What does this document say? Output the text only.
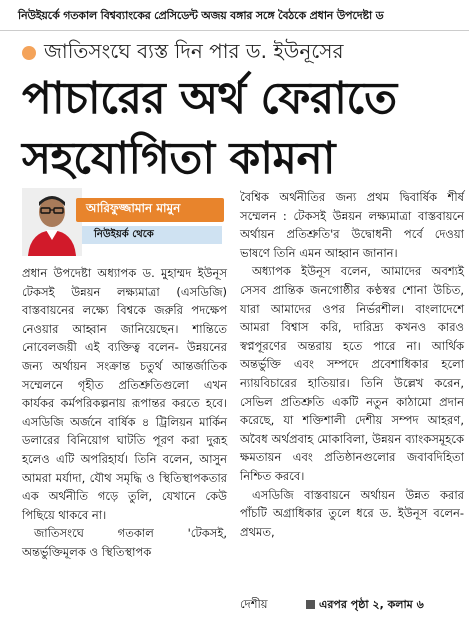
নিউইয়র্কে গতকাল বিশ্বব্যাংকের প্রেসিডেন্ট অজয় বঙ্গার সঙ্গে বৈঠকে প্রধান উপদেষ্টা ড
জাতিসংঘে ব্যস্ত দিন পার ড. ইউনূসের
পাচারের অর্থ ফেরাতে
সহযোগিতা কামনা
আরিফুজ্জামান মামুন
নিউইয়র্ক থেকে

প্রধান উপদেষ্টা অধ্যাপক ড. মুহাম্মদ ইউনূস টেকসই উন্নয়ন লক্ষ্যমাত্রা (এসডিজি) বাস্তবায়নের লক্ষ্যে বিশ্বকে জরুরি পদক্ষেপ নেওয়ার আহ্বান জানিয়েছেন। শান্তিতে নোবেলজয়ী এই ব্যক্তিত্ব বলেন- উন্নয়নের জন্য অর্থায়ন সংক্রান্ত চতুর্থ আন্তর্জাতিক সম্মেলনে গৃহীত প্রতিশ্রুতিগুলো এখন কার্যকর কর্মপরিকল্পনায় রূপান্তর করতে হবে। এসডিজি অর্জনে বার্ষিক ৪ ট্রিলিয়ন মার্কিন ডলারের বিনিয়োগ ঘাটতি পূরণ করা দুরূহ হলেও এটি অপরিহার্য। তিনি বলেন, আসুন আমরা মর্যাদা, যৌথ সমৃদ্ধি ও স্থিতিস্থাপকতার এক অর্থনীতি গড়ে তুলি, যেখানে কেউ পিছিয়ে থাকবে না।

জাতিসংঘে গতকাল 'টেকসই, অন্তর্ভুক্তিমূলক ও স্থিতিস্থাপক

বৈশ্বিক অর্থনীতির জন্য প্রথম দ্বিবার্ষিক শীর্ষ সম্মেলন : টেকসই উন্নয়ন লক্ষ্যমাত্রা বাস্তবায়নে অর্থায়ন প্রতিশ্রুতি'র উদ্বোধনী পর্বে দেওয়া ভাষণে তিনি এমন আহ্বান জানান।

অধ্যাপক ইউনূস বলেন, আমাদের অবশ্যই সেসব প্রান্তিক জনগোষ্ঠীর কণ্ঠস্বর শোনা উচিত, যারা আমাদের ওপর নির্ভরশীল। বাংলাদেশে আমরা বিশ্বাস করি, দারিদ্র্য কখনও কারও স্বপ্নপূরণের অন্তরায় হতে পারে না। আর্থিক অন্তর্ভুক্তি এবং সম্পদে প্রবেশাধিকার হলো ন্যায়বিচারের হাতিয়ার। তিনি উল্লেখ করেন, সেভিল প্রতিশ্রুতি একটি নতুন কাঠামো প্রদান করেছে, যা শক্তিশালী দেশীয় সম্পদ আহরণ, অবৈধ অর্থপ্রবাহ মোকাবিলা, উন্নয়ন ব্যাংকসমূহকে ক্ষমতায়ন এবং প্রতিষ্ঠানগুলোর জবাবদিহিতা নিশ্চিত করবে।

এসডিজি বাস্তবায়নে অর্থায়ন উন্নত করার পাঁচটি অগ্রাধিকার তুলে ধরে ড. ইউনূস বলেন- প্রথমত,

দেশীয়	এরপর পৃষ্ঠা ২, কলাম ৬
